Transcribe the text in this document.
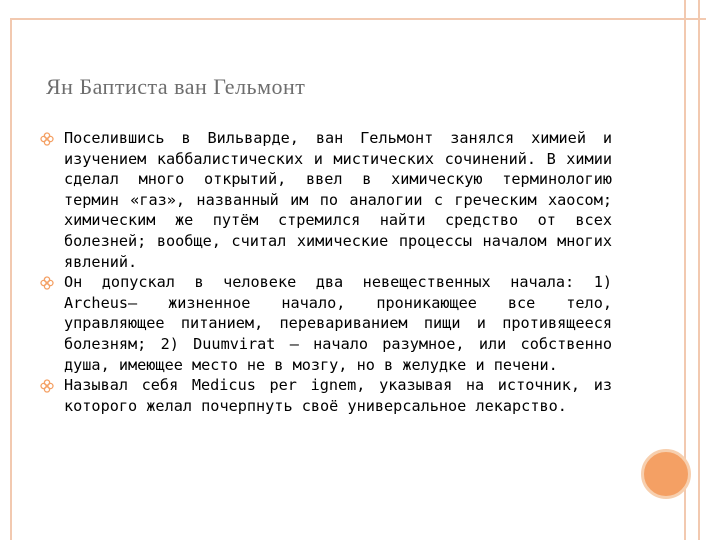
Ян Баптиста ван Гельмонт
Поселившись в Вильварде, ван Гельмонт занялся химией и изучением каббалистических и мистических сочинений. В химии сделал много открытий, ввел в химическую терминологию термин «газ», названный им по аналогии с греческим хаосом; химическим же путём стремился найти средство от всех болезней; вообще, считал химические процессы началом многих явлений.
Он допускал в человеке два невещественных начала: 1) Archeus— жизненное начало, проникающее все тело, управляющее питанием, перевариванием пищи и противящееся болезням; 2) Duumvirat — начало разумное, или собственно душа, имеющее место не в мозгу, но в желудке и печени.
Называл себя Medicus per ignem, указывая на источник, из которого желал почерпнуть своё универсальное лекарство.
